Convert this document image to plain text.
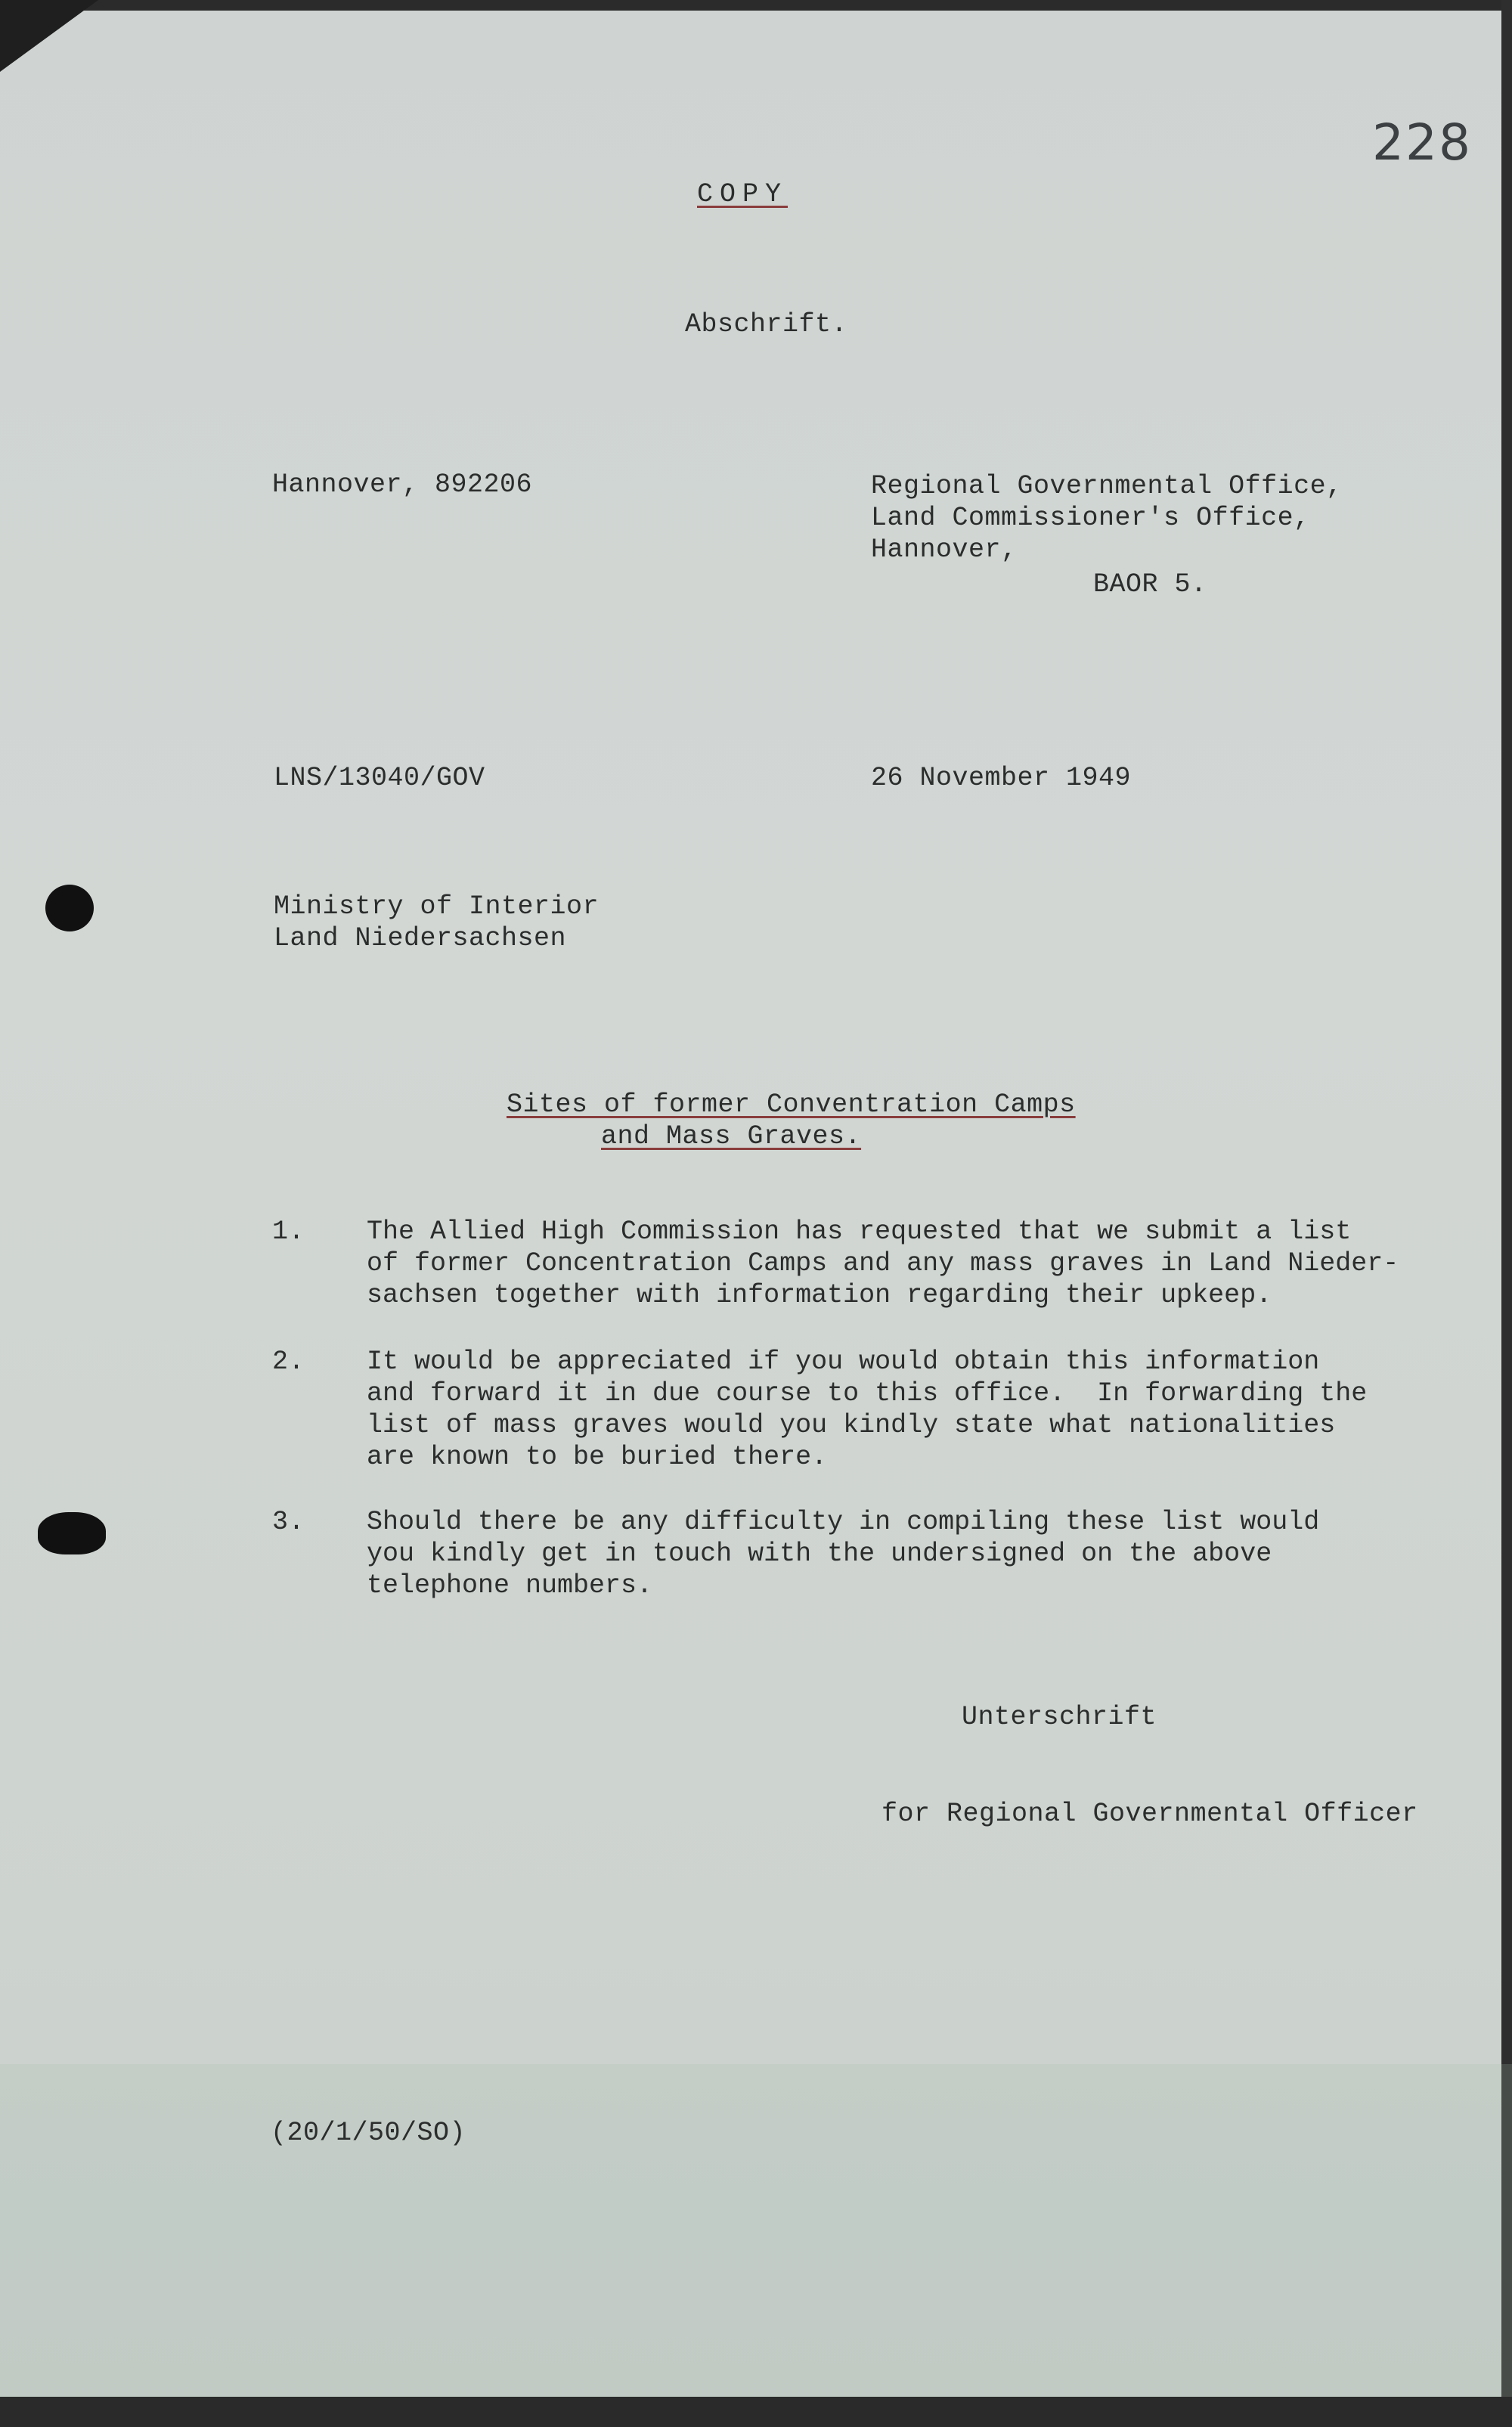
228
COPY
Abschrift.
Hannover, 892206	Regional Governmental Office,
Land Commissioner's Office,
Hannover,
BAOR 5.
LNS/13040/GOV	26 November 1949
Ministry of Interior
Land Niedersachsen
Sites of former Conventration Camps
and Mass Graves.
1. The Allied High Commission has requested that we submit a list
of former Concentration Camps and any mass graves in Land Nieder-
sachsen together with information regarding their upkeep.
2. It would be appreciated if you would obtain this information
and forward it in due course to this office.  In forwarding the
list of mass graves would you kindly state what nationalities
are known to be buried there.
3. Should there be any difficulty in compiling these list would
you kindly get in touch with the undersigned on the above
telephone numbers.
Unterschrift
for Regional Governmental Officer
(20/1/50/SO)
